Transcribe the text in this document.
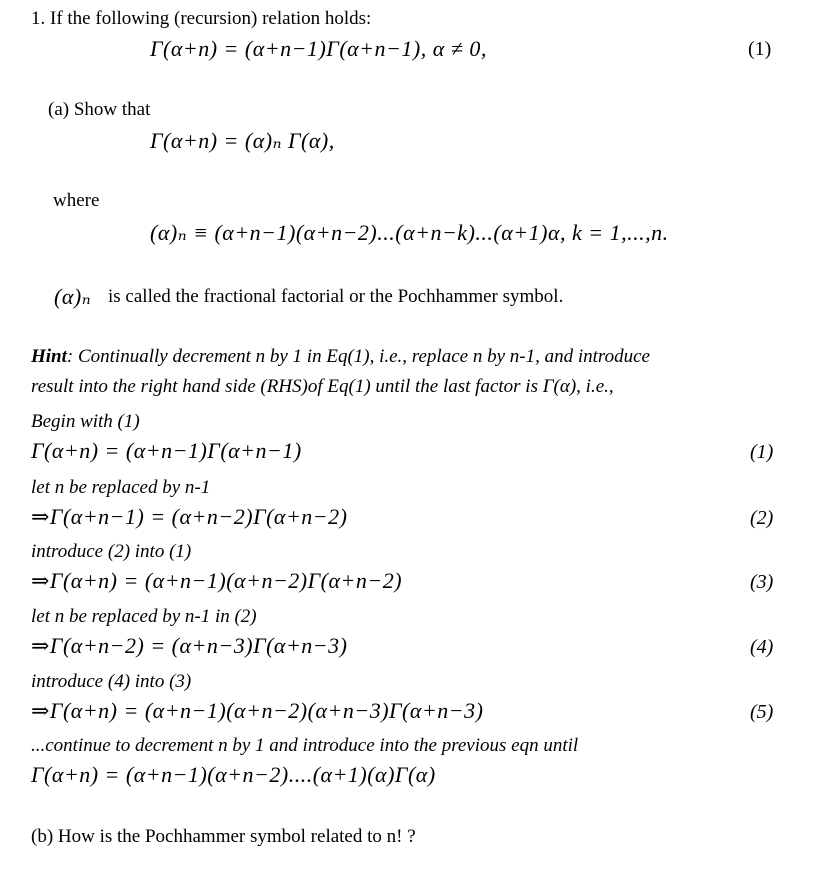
1. If the following (recursion) relation holds:
Γ(α+n) = (α+n−1)Γ(α+n−1), α ≠ 0,	(1)
(a) Show that
Γ(α+n) = (α)ₙ Γ(α),
where
(α)ₙ ≡ (α+n−1)(α+n−2)...(α+n−k)...(α+1)α, k = 1,...,n.
(α)ₙ is called the fractional factorial or the Pochhammer symbol.
Hint: Continually decrement n by 1 in Eq(1), i.e., replace n by n-1, and introduce
result into the right hand side (RHS)of Eq(1) until the last factor is Γ(α), i.e.,
Begin with (1)
Γ(α+n) = (α+n−1)Γ(α+n−1)	(1)
let n be replaced by n-1
⇒Γ(α+n−1) = (α+n−2)Γ(α+n−2)	(2)
introduce (2) into (1)
⇒Γ(α+n) = (α+n−1)(α+n−2)Γ(α+n−2)	(3)
let n be replaced by n-1 in (2)
⇒Γ(α+n−2) = (α+n−3)Γ(α+n−3)	(4)
introduce (4) into (3)
⇒Γ(α+n) = (α+n−1)(α+n−2)(α+n−3)Γ(α+n−3)	(5)
...continue to decrement n by 1 and introduce into the previous eqn until
Γ(α+n) = (α+n−1)(α+n−2)....(α+1)(α)Γ(α)
(b) How is the Pochhammer symbol related to n! ?
